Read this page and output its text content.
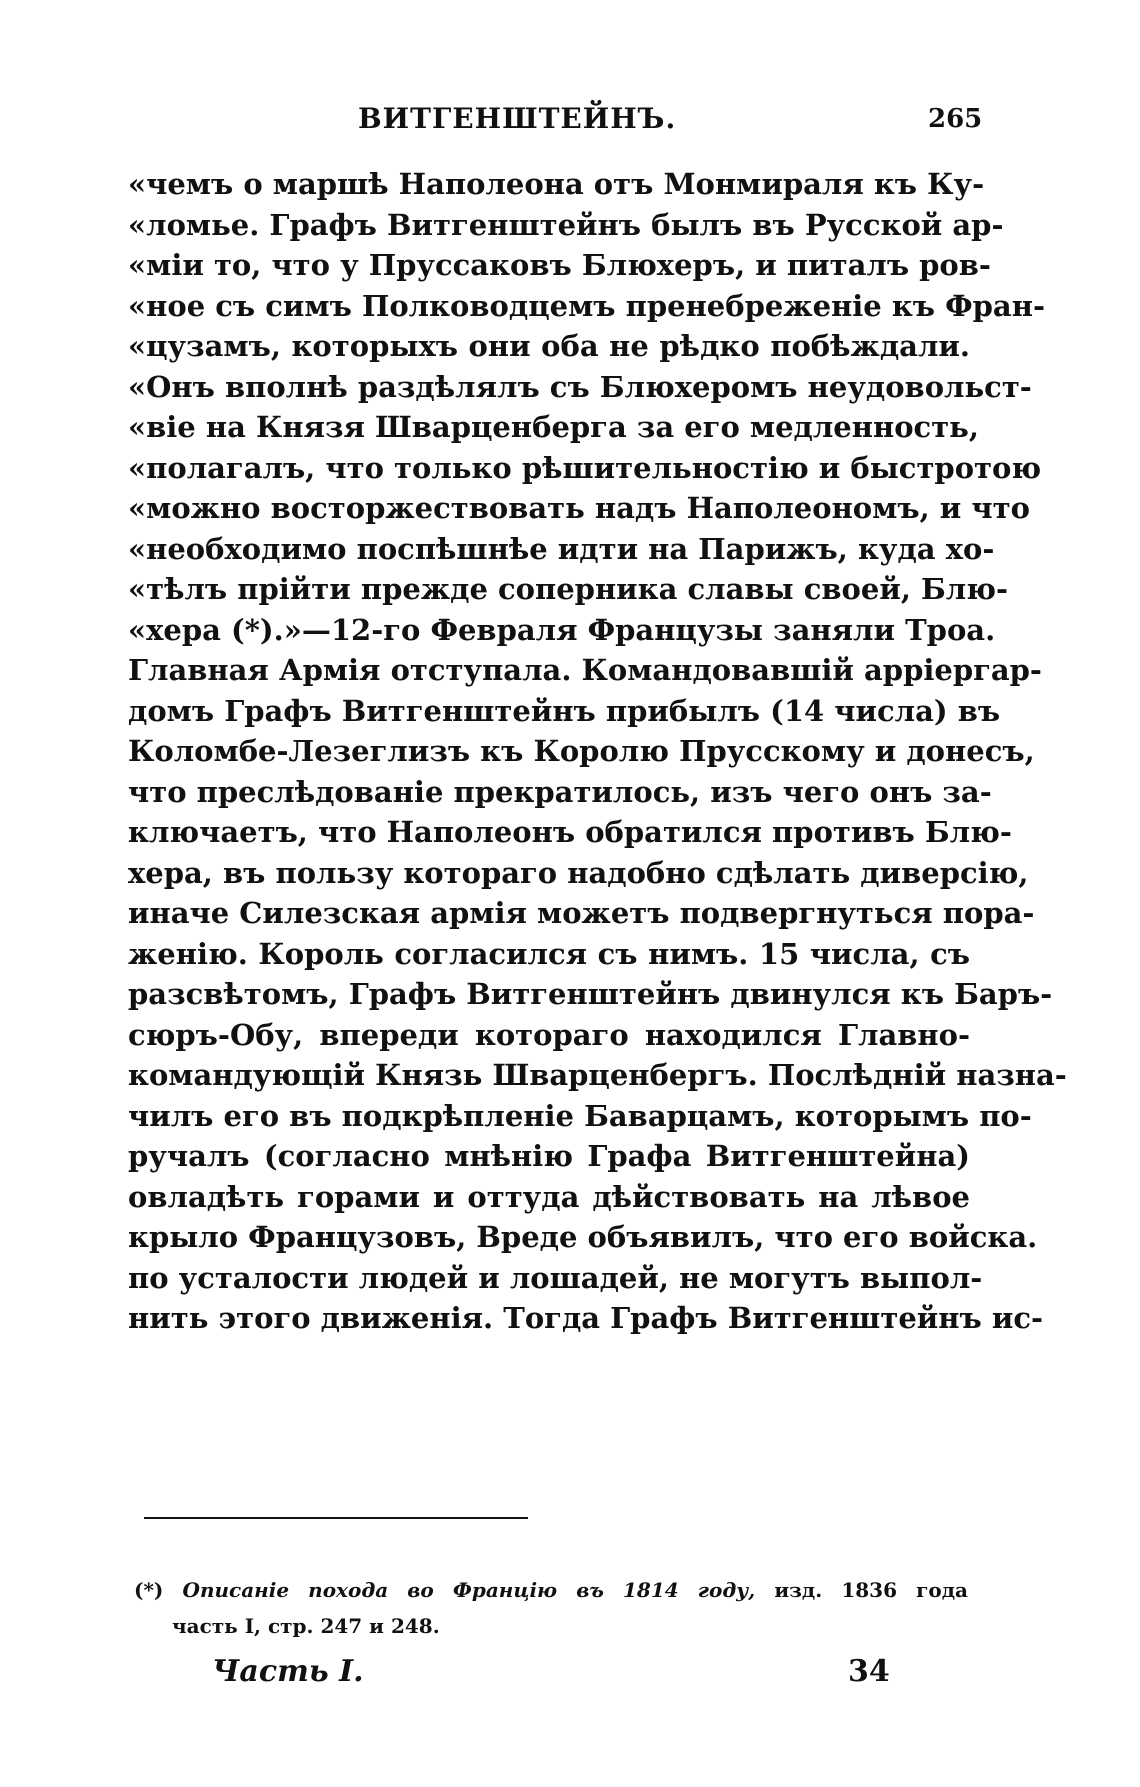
ВИТГЕНШТЕЙНЪ.	265
«чемъ о маршѣ Наполеона отъ Монмираля къ Ку-
«ломье. Графъ Витгенштейнъ былъ въ Русской ар-
«міи то, что у Пруссаковъ Блюхеръ, и питалъ ров-
«ное съ симъ Полководцемъ пренебреженіе къ Фран-
«цузамъ, которыхъ они оба не рѣдко побѣждали.
«Онъ вполнѣ раздѣлялъ съ Блюхеромъ неудовольст-
«віе на Князя Шварценберга за его медленность,
«полагалъ, что только рѣшительностію и быстротою
«можно восторжествовать надъ Наполеономъ, и что
«необходимо поспѣшнѣе идти на Парижъ, куда хо-
«тѣлъ прійти прежде соперника славы своей, Блю-
«хера (*).»—12-го Февраля Французы заняли Троа.
Главная Армія отступала. Командовавшій арріергар-
домъ Графъ Витгенштейнъ прибылъ (14 числа) въ
Коломбе-Лезеглизъ къ Королю Прусскому и донесъ,
что преслѣдованіе прекратилось, изъ чего онъ за-
ключаетъ, что Наполеонъ обратился противъ Блю-
хера, въ пользу котораго надобно сдѣлать диверсію,
иначе Силезская армія можетъ подвергнуться пора-
женію. Король согласился съ нимъ. 15 числа, съ
разсвѣтомъ, Графъ Витгенштейнъ двинулся къ Баръ-
сюръ-Обу, впереди котораго находился Главно-
командующій Князь Шварценбергъ. Послѣдній назна-
чилъ его въ подкрѣпленіе Баварцамъ, которымъ по-
ручалъ (согласно мнѣнію Графа Витгенштейна)
овладѣть горами и оттуда дѣйствовать на лѣвое
крыло Французовъ, Вреде объявилъ, что его войска.
по усталости людей и лошадей, не могутъ выпол-
нить этого движенія. Тогда Графъ Витгенштейнъ ис-
(*) Описаніе похода во Францію въ 1814 году, изд. 1836 года
часть I, стр. 247 и 248.
Часть I.	34
